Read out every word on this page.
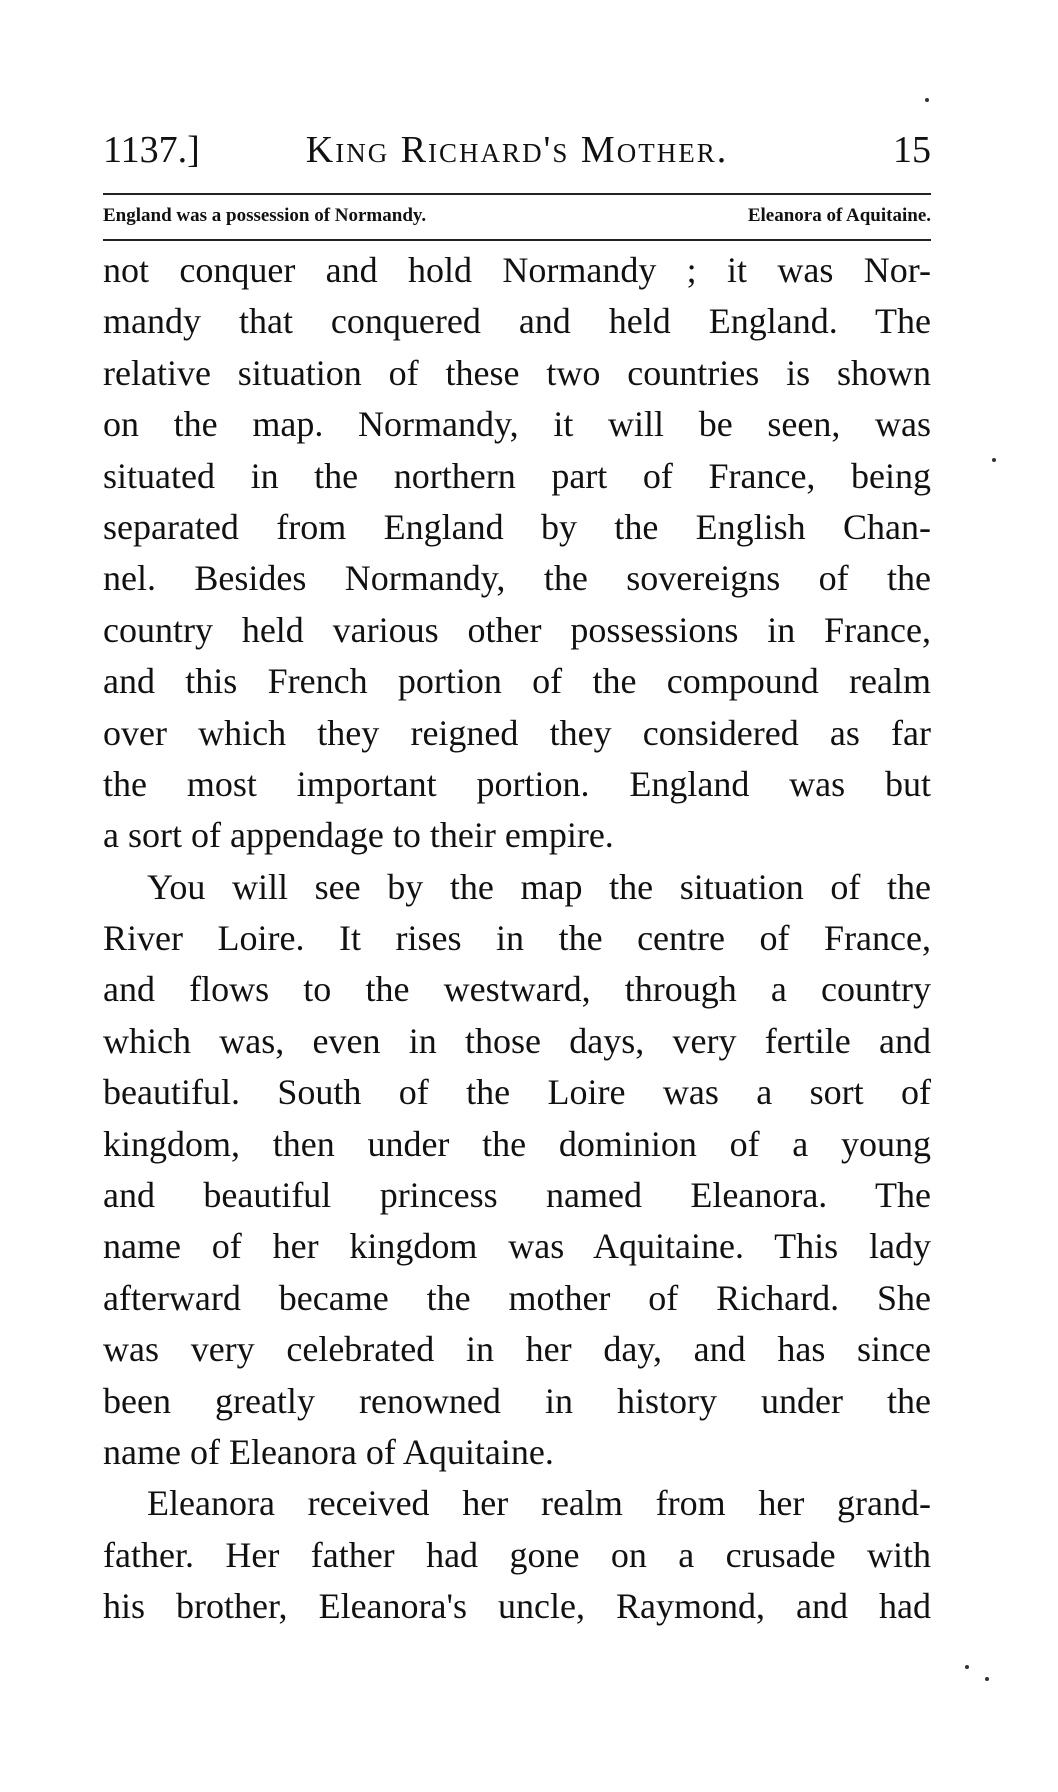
1137.]	King Richard's Mother.	15
England was a possession of Normandy.	Eleanora of Aquitaine.
not conquer and hold Normandy ; it was Nor-
mandy that conquered and held England. The
relative situation of these two countries is shown
on the map. Normandy, it will be seen, was
situated in the northern part of France, being
separated from England by the English Chan-
nel. Besides Normandy, the sovereigns of the
country held various other possessions in France,
and this French portion of the compound realm
over which they reigned they considered as far
the most important portion. England was but
a sort of appendage to their empire.
You will see by the map the situation of the
River Loire. It rises in the centre of France,
and flows to the westward, through a country
which was, even in those days, very fertile and
beautiful. South of the Loire was a sort of
kingdom, then under the dominion of a young
and beautiful princess named Eleanora. The
name of her kingdom was Aquitaine. This lady
afterward became the mother of Richard. She
was very celebrated in her day, and has since
been greatly renowned in history under the
name of Eleanora of Aquitaine.
Eleanora received her realm from her grand-
father. Her father had gone on a crusade with
his brother, Eleanora's uncle, Raymond, and had
